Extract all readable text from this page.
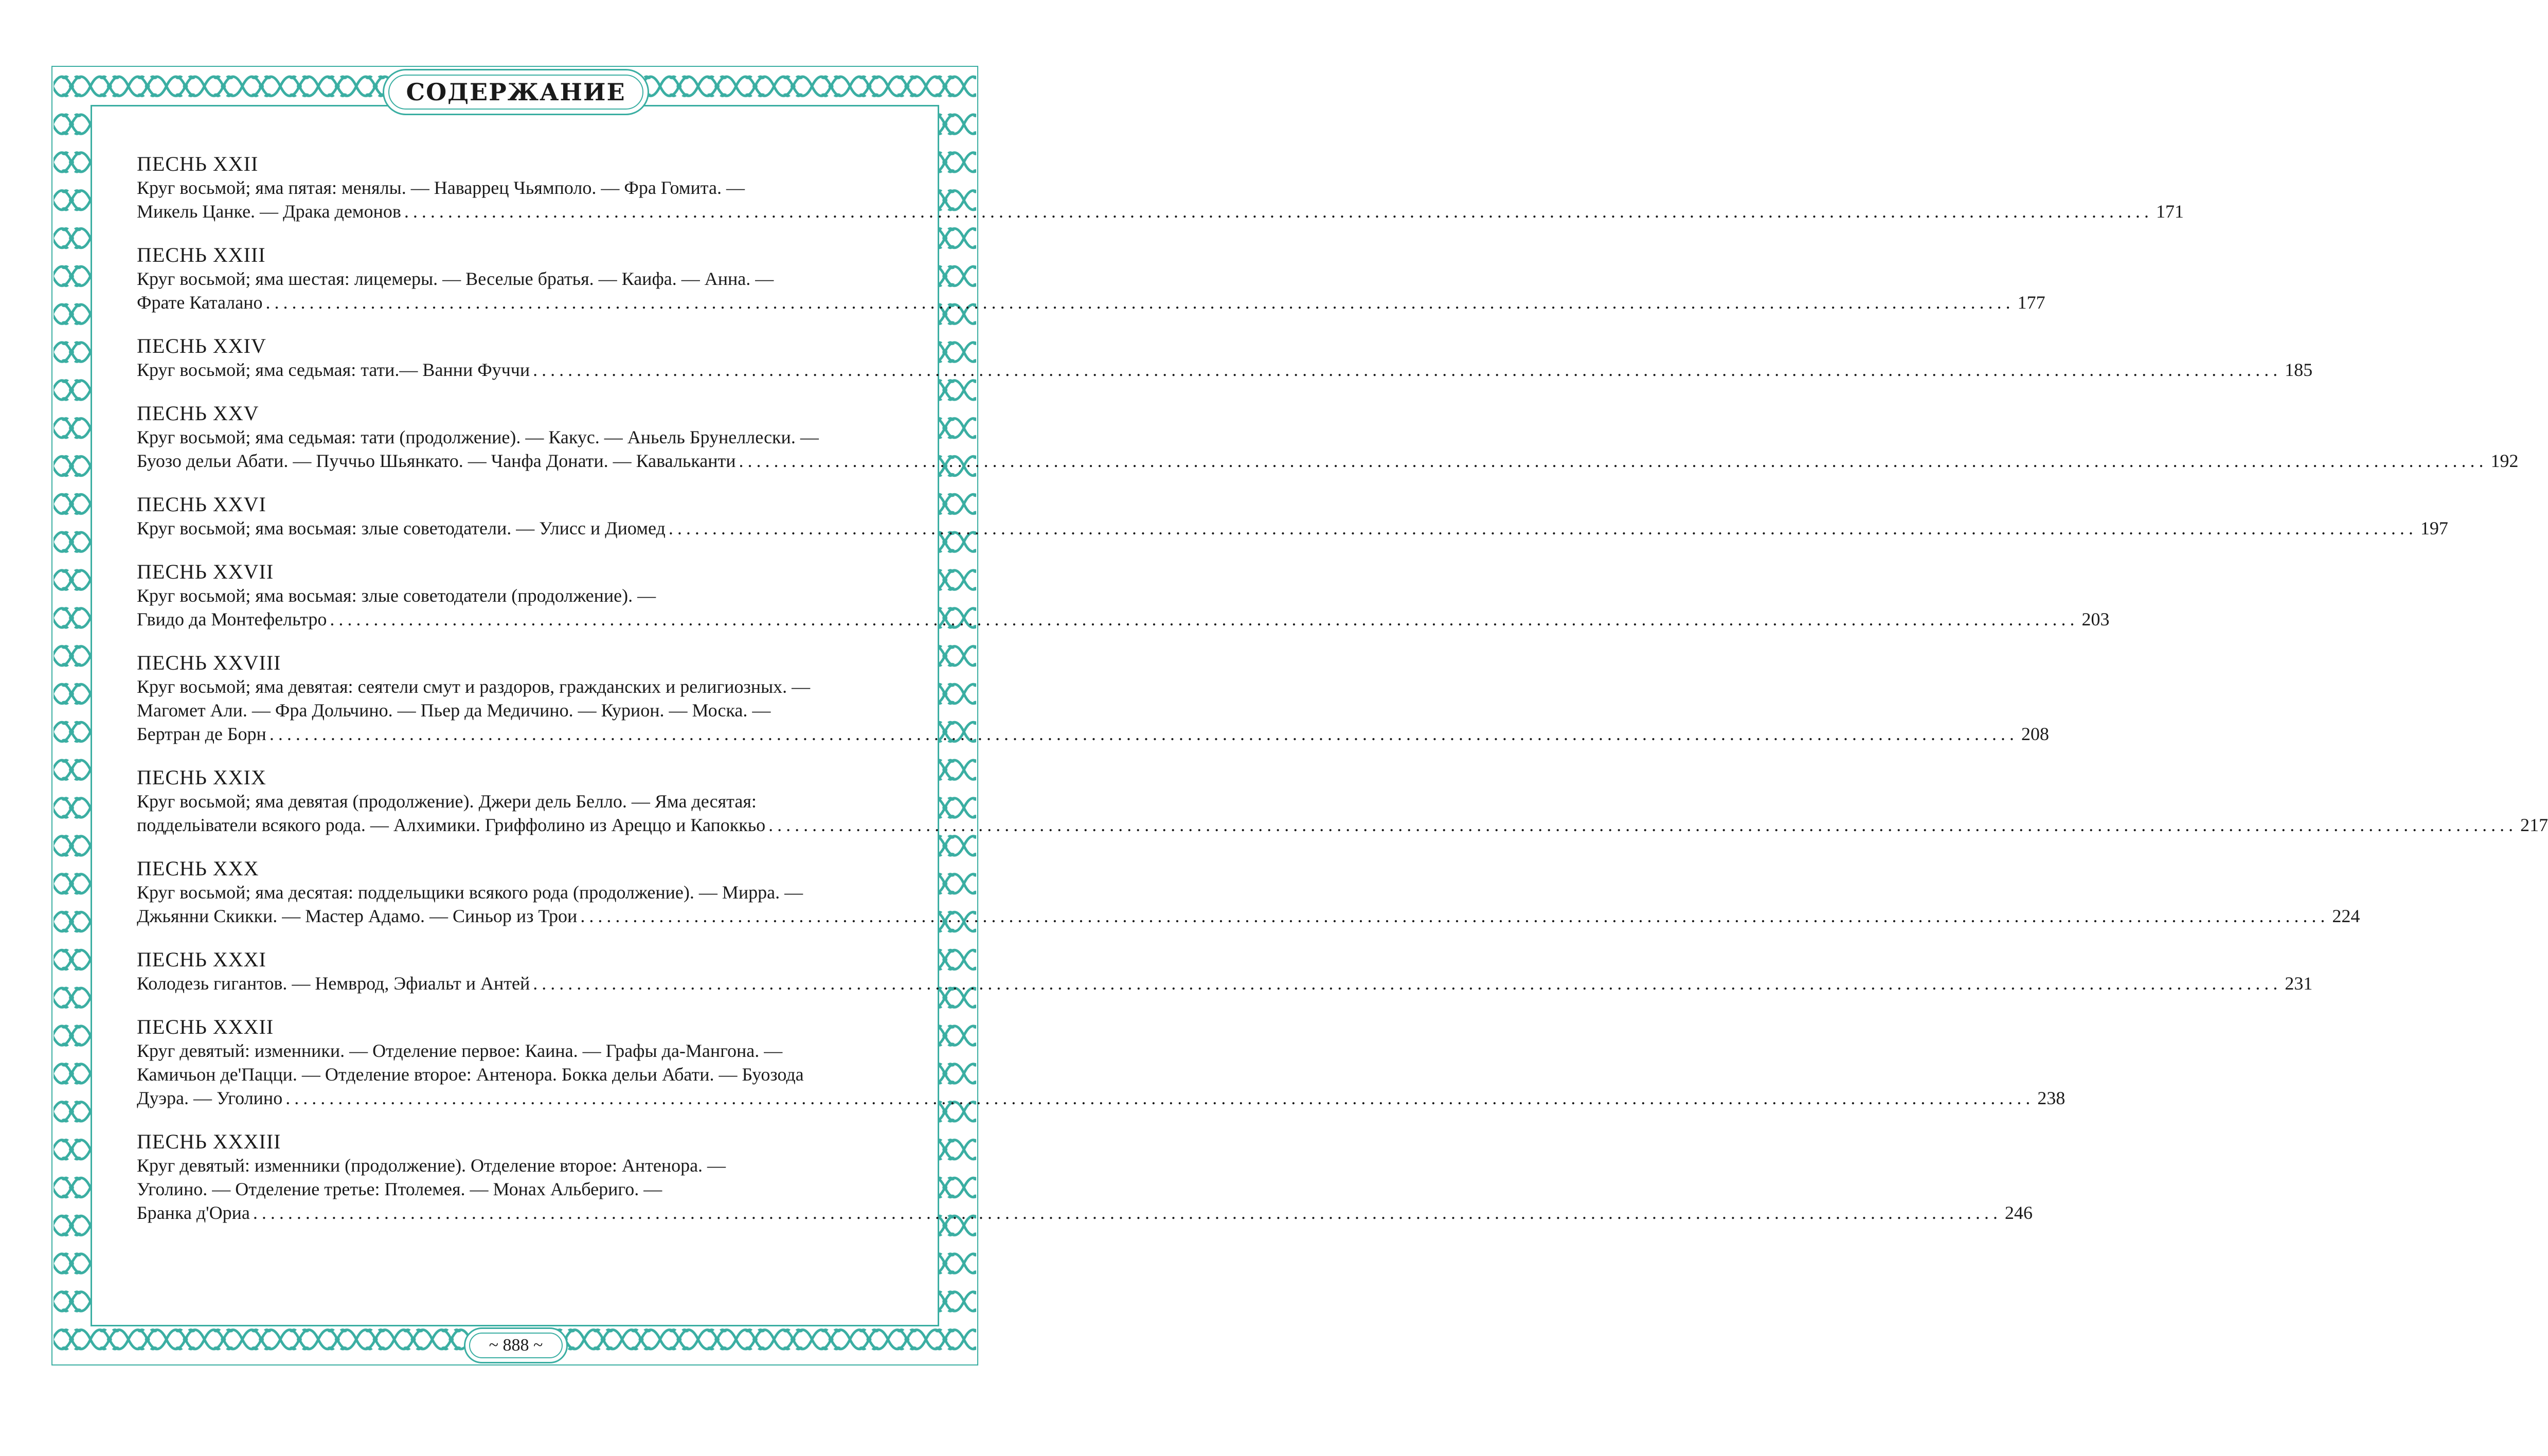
СОДЕРЖАНИЕ
~ 888 ~
ПЕСНЬ XXII
Круг восьмой; яма пятая: менялы. — Наваррец Чьямполо. — Фра Гомита. —
Микель Цанке. — Драка демонов ........................................................................................................................................................................................................ 171
ПЕСНЬ XXIII
Круг восьмой; яма шестая: лицемеры. — Веселые братья. — Каифа. — Анна. —
Фрате Каталано ........................................................................................................................................................................................................ 177
ПЕСНЬ XXIV
Круг восьмой; яма седьмая: тати.— Ванни Фуччи ........................................................................................................................................................................................................ 185
ПЕСНЬ XXV
Круг восьмой; яма седьмая: тати (продолжение). — Какус. — Аньель Брунеллески. —
Буозо дельи Абати. — Пуччьо Шьянкато. — Чанфа Донати. — Кавальканти ........................................................................................................................................................................................................ 192
ПЕСНЬ XXVI
Круг восьмой; яма восьмая: злые советодатели. — Улисс и Диомед ........................................................................................................................................................................................................ 197
ПЕСНЬ XXVII
Круг восьмой; яма восьмая: злые советодатели (продолжение). —
Гвидо да Монтефельтро ........................................................................................................................................................................................................ 203
ПЕСНЬ XXVIII
Круг восьмой; яма девятая: сеятели смут и раздоров, гражданских и религиозных. —
Магомет Али. — Фра Дольчино. — Пьер да Медичино. — Курион. — Моска. —
Бертран де Борн ........................................................................................................................................................................................................ 208
ПЕСНЬ XXIX
Круг восьмой; яма девятая (продолжение). Джери дель Белло. — Яма десятая:
поддельіватели всякого рода. — Алхимики. Гриффолино из Ареццо и Капоккьо ........................................................................................................................................................................................................ 217
ПЕСНЬ XXX
Круг восьмой; яма десятая: поддельщики всякого рода (продолжение). — Мирра. —
Джьянни Скикки. — Мастер Адамо. — Синьор из Трои ........................................................................................................................................................................................................ 224
ПЕСНЬ XXXI
Колодезь гигантов. — Немврод, Эфиальт и Антей ........................................................................................................................................................................................................ 231
ПЕСНЬ XXXII
Круг девятый: изменники. — Отделение первое: Каина. — Графы да-Мангона. —
Камичьон де'Пацци. — Отделение второе: Антенора. Бокка дельи Абати. — Буозода
Дуэра. — Уголино ........................................................................................................................................................................................................ 238
ПЕСНЬ XXXIII
Круг девятый: изменники (продолжение). Отделение второе: Антенора. —
Уголино. — Отделение третье: Птолемея. — Монах Альбериго. —
Бранка д'Ориа ........................................................................................................................................................................................................ 246
